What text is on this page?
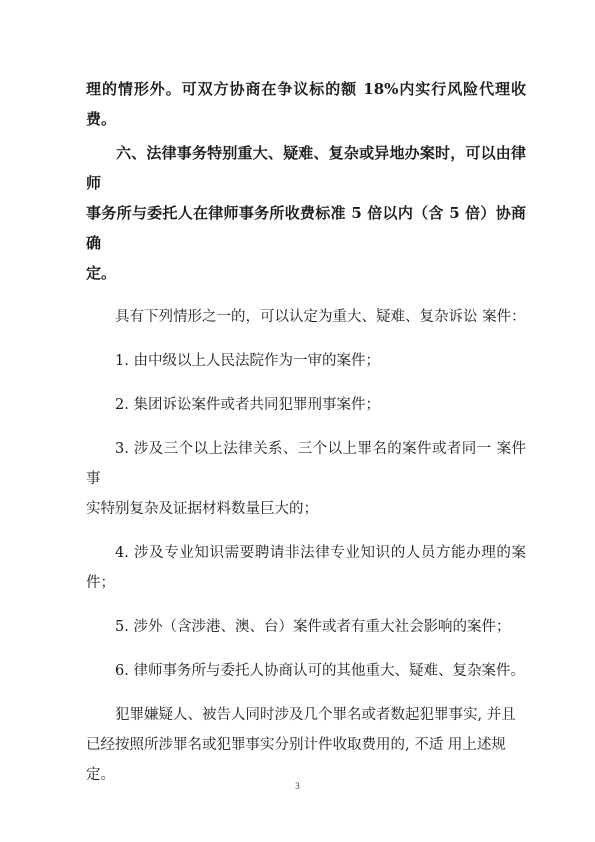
理的情形外。可双方协商在争议标的额 18%内实行风险代理收费。

六、法律事务特别重大、疑难、复杂或异地办案时，可以由律师
事务所与委托人在律师事务所收费标准 5 倍以内（含 5 倍）协商确
定。

具有下列情形之一的，可以认定为重大、疑难、复杂诉讼 案件：

1. 由中级以上人民法院作为一审的案件；

2. 集团诉讼案件或者共同犯罪刑事案件；

3. 涉及三个以上法律关系、三个以上罪名的案件或者同一 案件事
实特别复杂及证据材料数量巨大的；

4. 涉及专业知识需要聘请非法律专业知识的人员方能办理的案件；

5. 涉外（含涉港、澳、台）案件或者有重大社会影响的案件；

6. 律师事务所与委托人协商认可的其他重大、疑难、复杂案件。

犯罪嫌疑人、被告人同时涉及几个罪名或者数起犯罪事实, 并且
已经按照所涉罪名或犯罪事实分别计件收取费用的, 不适 用上述规
定。

3
